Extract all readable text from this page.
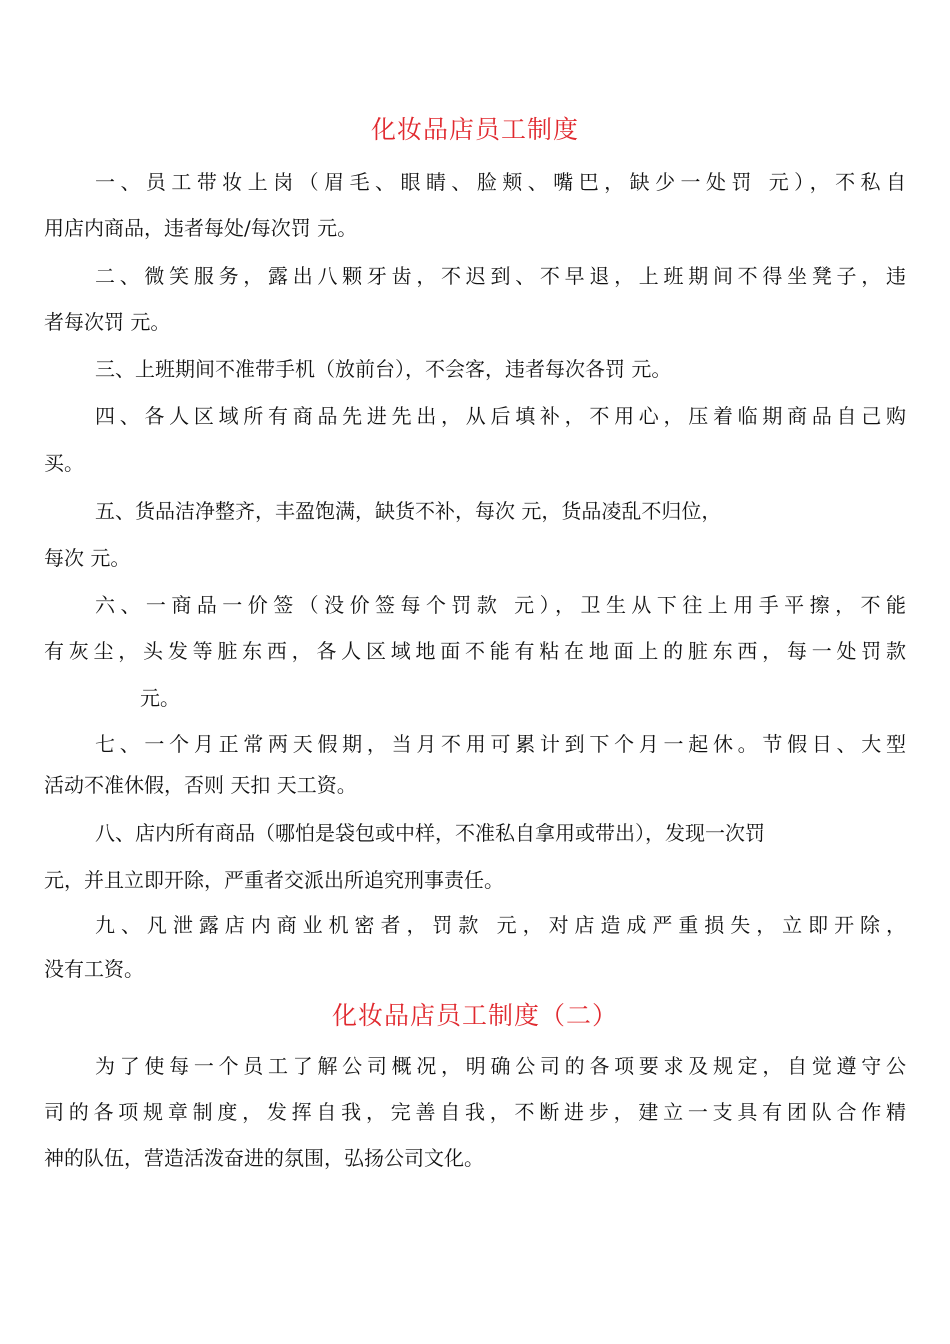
化妆品店员工制度
一、员工带妆上岗（眉毛、眼睛、脸颊、嘴巴，缺少一处罚 元），不私自
用店内商品，违者每处/每次罚 元。
二、微笑服务，露出八颗牙齿，不迟到、不早退，上班期间不得坐凳子，违
者每次罚 元。
三、上班期间不准带手机（放前台），不会客，违者每次各罚 元。
四、各人区域所有商品先进先出，从后填补，不用心，压着临期商品自己购
买。
五、货品洁净整齐，丰盈饱满，缺货不补，每次 元，货品凌乱不归位，
每次 元。
六、一商品一价签（没价签每个罚款 元），卫生从下往上用手平擦，不能
有灰尘，头发等脏东西，各人区域地面不能有粘在地面上的脏东西，每一处罚款
元。
七、一个月正常两天假期，当月不用可累计到下个月一起休。节假日、大型
活动不准休假，否则 天扣 天工资。
八、店内所有商品（哪怕是袋包或中样，不准私自拿用或带出），发现一次罚
元，并且立即开除，严重者交派出所追究刑事责任。
九、凡泄露店内商业机密者，罚款 元，对店造成严重损失，立即开除，
没有工资。
化妆品店员工制度（二）
为了使每一个员工了解公司概况，明确公司的各项要求及规定，自觉遵守公
司的各项规章制度，发挥自我，完善自我，不断进步，建立一支具有团队合作精
神的队伍，营造活泼奋进的氛围，弘扬公司文化。
